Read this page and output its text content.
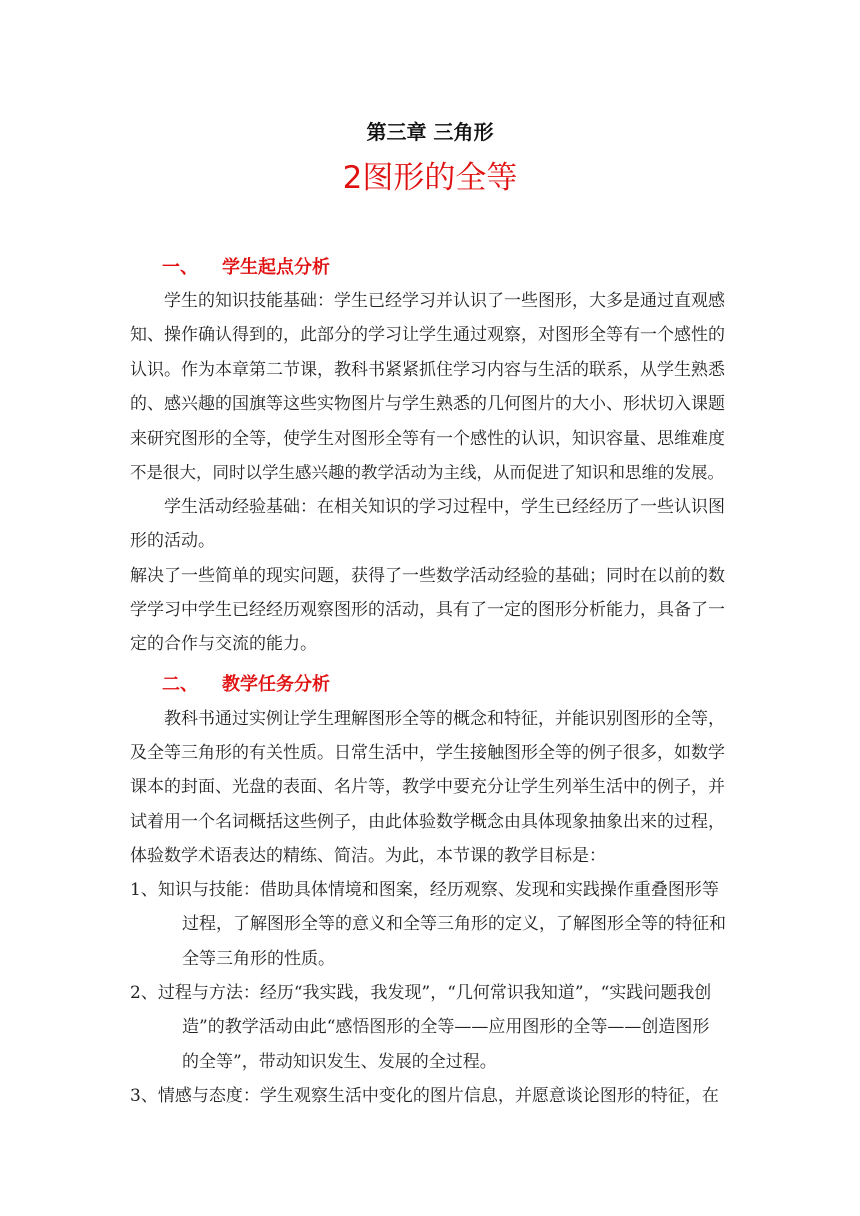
第三章 三角形
2图形的全等
一、 学生起点分析
学生的知识技能基础：学生已经学习并认识了一些图形，大多是通过直观感
知、操作确认得到的，此部分的学习让学生通过观察，对图形全等有一个感性的
认识。作为本章第二节课，教科书紧紧抓住学习内容与生活的联系，从学生熟悉
的、感兴趣的国旗等这些实物图片与学生熟悉的几何图片的大小、形状切入课题
来研究图形的全等，使学生对图形全等有一个感性的认识，知识容量、思维难度
不是很大，同时以学生感兴趣的教学活动为主线，从而促进了知识和思维的发展。
学生活动经验基础：在相关知识的学习过程中，学生已经经历了一些认识图
形的活动。
解决了一些简单的现实问题，获得了一些数学活动经验的基础；同时在以前的数
学学习中学生已经经历观察图形的活动，具有了一定的图形分析能力，具备了一
定的合作与交流的能力。
二、 教学任务分析
教科书通过实例让学生理解图形全等的概念和特征，并能识别图形的全等，
及全等三角形的有关性质。日常生活中，学生接触图形全等的例子很多，如数学
课本的封面、光盘的表面、名片等，教学中要充分让学生列举生活中的例子，并
试着用一个名词概括这些例子，由此体验数学概念由具体现象抽象出来的过程，
体验数学术语表达的精练、简洁。为此，本节课的教学目标是：
1、知识与技能：借助具体情境和图案，经历观察、发现和实践操作重叠图形等
过程，了解图形全等的意义和全等三角形的定义，了解图形全等的特征和
全等三角形的性质。
2、过程与方法：经历“我实践，我发现”，“几何常识我知道”，“实践问题我创
造”的教学活动由此“感悟图形的全等——应用图形的全等——创造图形
的全等”，带动知识发生、发展的全过程。
3、情感与态度：学生观察生活中变化的图片信息，并愿意谈论图形的特征，在
